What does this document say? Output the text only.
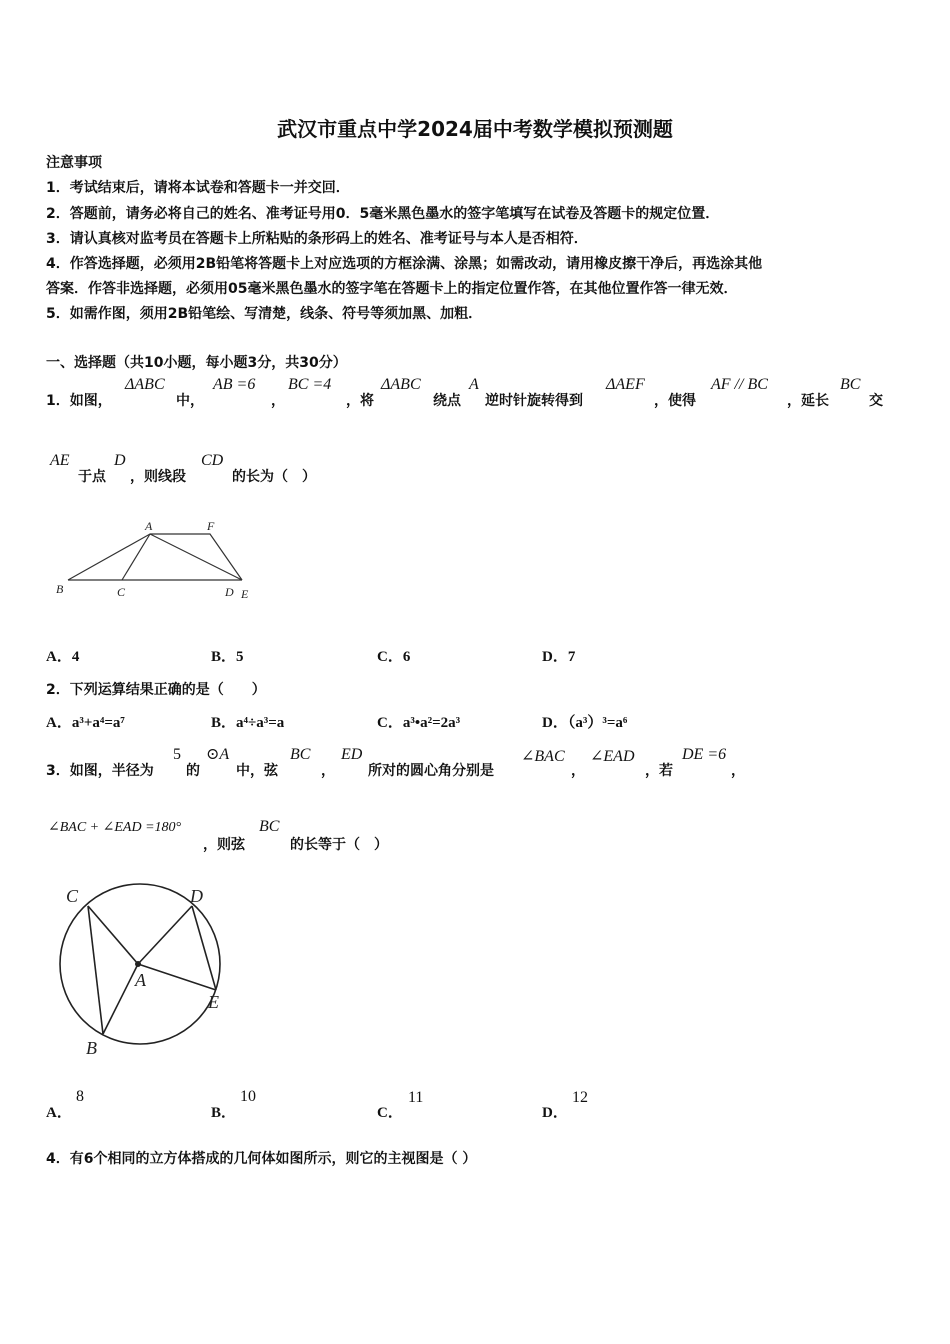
武汉市重点中学2024届中考数学模拟预测题
注意事项
1．考试结束后，请将本试卷和答题卡一并交回．
2．答题前，请务必将自己的姓名、准考证号用0．5毫米黑色墨水的签字笔填写在试卷及答题卡的规定位置．
3．请认真核对监考员在答题卡上所粘贴的条形码上的姓名、准考证号与本人是否相符．
4．作答选择题，必须用2B铅笔将答题卡上对应选项的方框涂满、涂黑；如需改动，请用橡皮擦干净后，再选涂其他
答案．作答非选择题，必须用05毫米黑色墨水的签字笔在答题卡上的指定位置作答，在其他位置作答一律无效．
5．如需作图，须用2B铅笔绘、写清楚，线条、符号等须加黑、加粗．
一、选择题（共10小题，每小题3分，共30分）
1．如图，
ΔABC
中，
AB =6
，
BC =4
，将
ΔABC
绕点
A
逆时针旋转得到
ΔAEF
，使得
AF // BC
，延长
BC
交
AE
于点
D
，则线段
CD
的长为（　）
A	F
B	C	D E
A．4	B．5	C．6	D．7
2．下列运算结果正确的是（　　）
A．a³+a⁴=a⁷	B．a⁴÷a³=a	C．a³•a²=2a³	D．（a³）³=a⁶
3．如图，半径为
5
的
⊙A
中，弦
BC
，
ED
所对的圆心角分别是
∠BAC
，
∠EAD
，若
DE =6
，
∠BAC + ∠EAD =180°
，则弦
BC
的长等于（　）
C	D
A
E
B
A．
8
B．
10
C．
11
D．
12
4．有6个相同的立方体搭成的几何体如图所示，则它的主视图是（ ）
